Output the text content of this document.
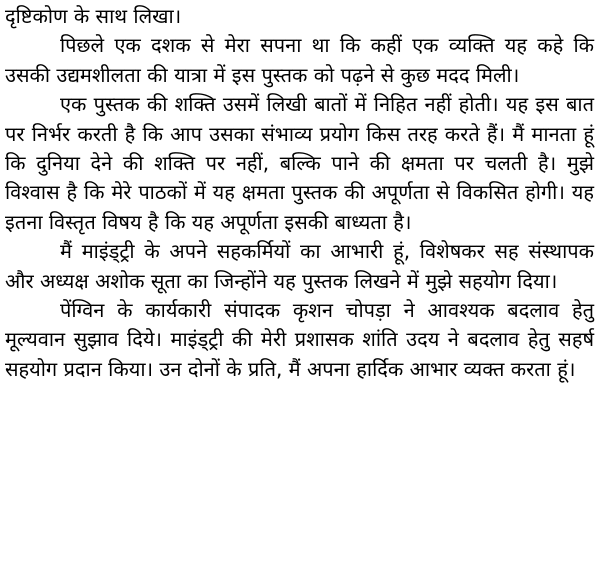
दृष्टिकोण के साथ लिखा।

पिछले एक दशक से मेरा सपना था कि कहीं एक व्यक्ति यह कहे कि उसकी उद्यमशीलता की यात्रा में इस पुस्तक को पढ़ने से कुछ मदद मिली।

एक पुस्तक की शक्ति उसमें लिखी बातों में निहित नहीं होती। यह इस बात पर निर्भर करती है कि आप उसका संभाव्य प्रयोग किस तरह करते हैं। मैं मानता हूं कि दुनिया देने की शक्ति पर नहीं, बल्कि पाने की क्षमता पर चलती है। मुझे विश्वास है कि मेरे पाठकों में यह क्षमता पुस्तक की अपूर्णता से विकसित होगी। यह इतना विस्तृत विषय है कि यह अपूर्णता इसकी बाध्यता है।

मैं माइंड्ट्री के अपने सहकर्मियों का आभारी हूं, विशेषकर सह संस्थापक और अध्यक्ष अशोक सूता का जिन्होंने यह पुस्तक लिखने में मुझे सहयोग दिया।

पेंग्विन के कार्यकारी संपादक कृशन चोपड़ा ने आवश्यक बदलाव हेतु मूल्यवान सुझाव दिये। माइंड्ट्री की मेरी प्रशासक शांति उदय ने बदलाव हेतु सहर्ष सहयोग प्रदान किया। उन दोनों के प्रति, मैं अपना हार्दिक आभार व्यक्त करता हूं।
